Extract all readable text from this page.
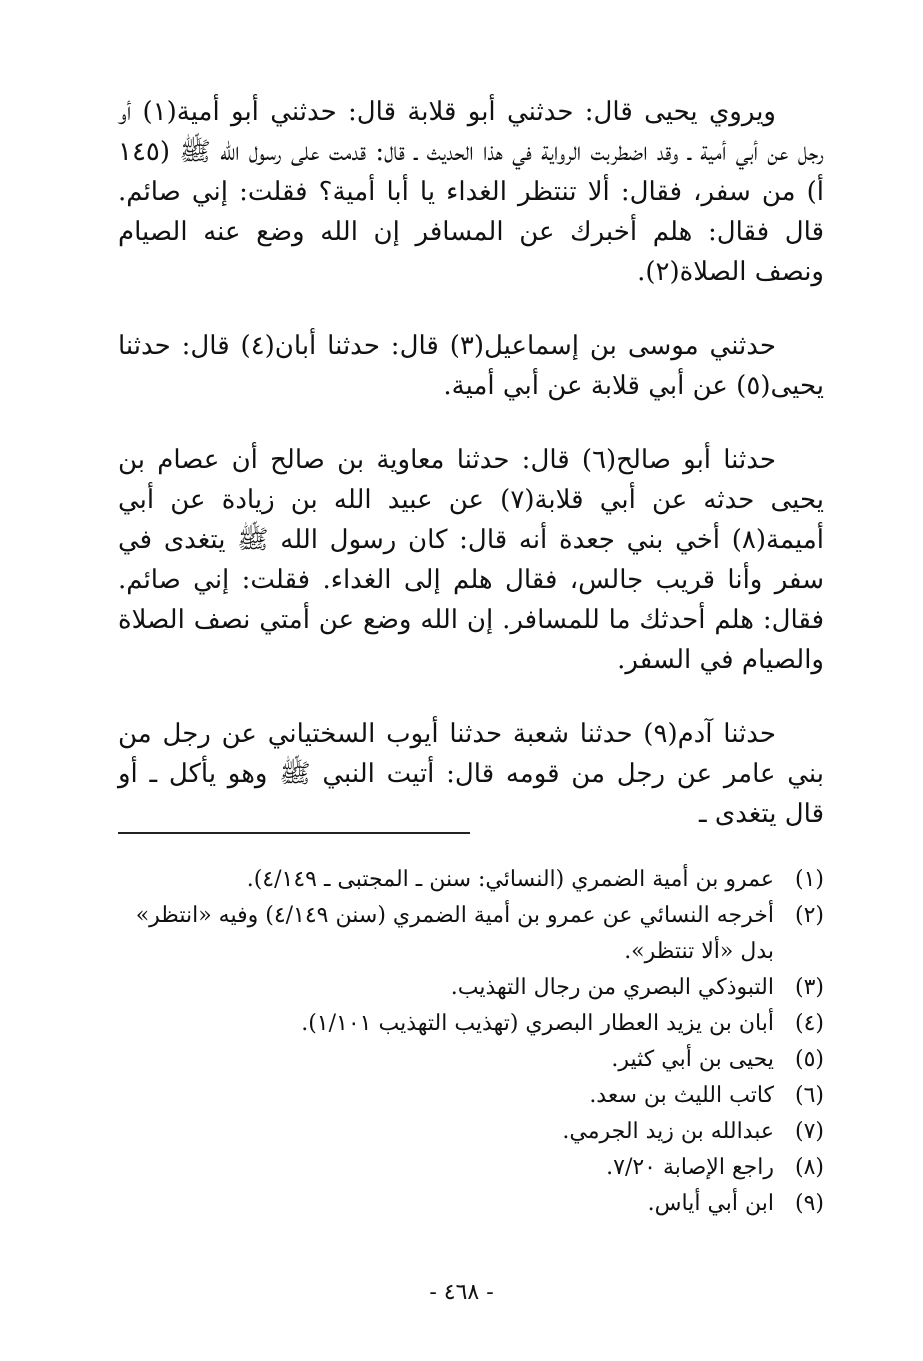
ويروي يحيى قال: حدثني أبو قلابة قال: حدثني أبو أمية(١) أو رجل عن أبي أمية ـ وقد اضطربت الرواية في هذا الحديث ـ قال: قدمت على رسول الله ﷺ (١٤٥ أ) من سفر، فقال: ألا تنتظر الغداء يا أبا أمية؟ فقلت: إني صائم. قال فقال: هلم أخبرك عن المسافر إن الله وضع عنه الصيام ونصف الصلاة(٢).

حدثني موسى بن إسماعيل(٣) قال: حدثنا أبان(٤) قال: حدثنا يحيى(٥) عن أبي قلابة عن أبي أمية.

حدثنا أبو صالح(٦) قال: حدثنا معاوية بن صالح أن عصام بن يحيى حدثه عن أبي قلابة(٧) عن عبيد الله بن زيادة عن أبي أميمة(٨) أخي بني جعدة أنه قال: كان رسول الله ﷺ يتغدى في سفر وأنا قريب جالس، فقال هلم إلى الغداء. فقلت: إني صائم. فقال: هلم أحدثك ما للمسافر. إن الله وضع عن أمتي نصف الصلاة والصيام في السفر.

حدثنا آدم(٩) حدثنا شعبة حدثنا أيوب السختياني عن رجل من بني عامر عن رجل من قومه قال: أتيت النبي ﷺ وهو يأكل ـ أو قال يتغدى ـ

(١)
عمرو بن أمية الضمري (النسائي: سنن ـ المجتبى ـ ٤/١٤٩).
(٢)
أخرجه النسائي عن عمرو بن أمية الضمري (سنن ٤/١٤٩) وفيه «انتظر» بدل «ألا تنتظر».
(٣)
التبوذكي البصري من رجال التهذيب.
(٤)
أبان بن يزيد العطار البصري (تهذيب التهذيب ١/١٠١).
(٥)
يحيى بن أبي كثير.
(٦)
كاتب الليث بن سعد.
(٧)
عبدالله بن زيد الجرمي.
(٨)
راجع الإصابة ٧/٢٠.
(٩)
ابن أبي أياس.
- ٤٦٨ -
